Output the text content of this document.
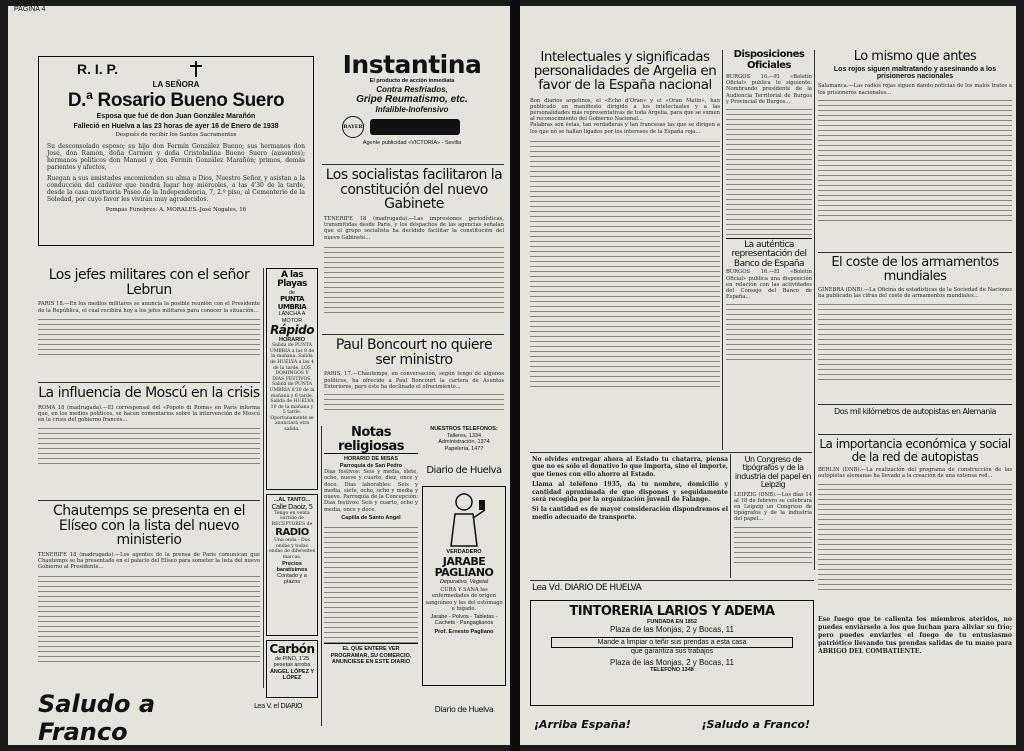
PAGINA 4
R. I. P.
LA SEÑORA
D.ª Rosario Bueno Suero
Esposa que fué de don Juan González Marañón
Falleció en Huelva a las 23 horas de ayer 16 de Enero de 1938
Después de recibir los Santos Sacramentos
Su desconsolado esposo; su hijo don Fermín González Bueno; sus hermanos don José, don Ramón, doña Carmen y doña Cristobalina Bueno Suero (ausentes); hermanos políticos don Manuel y don Fermín González Marañón; primos, demás parientes y afectos,
Ruegan a sus amistades encomienden su alma a Dios, Nuestro Señor, y asistan a la conducción del cadáver que tendrá lugar hoy miércoles, a las 4'30 de la tarde, desde la casa mortuoria Paseo de la Independencia, 7, 2.º piso, al Cementerio de la Soledad, por cuyo favor les vivirán muy agradecidos.
Pompas Fúnebres: A. MORALES.-José Nogales, 16
Instantina
El producto de acción inmediata
Contra Resfriados,
Gripe Reumatismo, etc.
Infalible-Inofensivo
BAYER
Agente publicidad «VICTORIA» - Sevilla
Los socialistas facilitaron la constitución del nuevo Gabinete
TENERIFE 18 (madrugada).—Las impresiones periodísticas, transmitidas desde París, y los despachos de las agencias señalan que el grupo socialista ha decidido facilitar la constitución del nuevo Gabinete...
Paul Boncourt no quiere ser ministro
PARIS, 17.—Chautemps, en conversación, según tengo de algunos políticos, ha ofrecido a Paul Boncourt la cartera de Asuntos Exteriores, pero éste ha declinado el ofrecimiento...
Los jefes militares con el señor Lebrun
PARIS 18.—En los medios militares se anuncia la posible reunión con el Presidente de la República, el cual recibirá hoy a los jefes militares para conocer la situación...
La influencia de Moscú en la crisis
ROMA 18 (madrugada).—El corresponsal del «Popolo di Roma» en París informa que, en los medios políticos, se hacen comentarios sobre la intervención de Moscú en la crisis del gobierno francés...
Chautemps se presenta en el Elíseo con la lista del nuevo ministerio
TENERIFE 18 (madrugada).—Los agentes de la prensa de Paris comunican que Chautemps se ha presentado en el palacio del Elíseo para someter la lista del nuevo Gobierno al Presidente...
Saludo a Franco
A las Playas
de
PUNTA UMBRIA
LANCHA A MOTOR
Rápido
HORARIO
Salida de PUNTA UMBRIA a las 8 de la mañana. Salida de HUELVA a las 4 de la tarde. LOS DOMINGOS Y DIAS FESTIVOS. Salida de PUNTA UMBRIA 8'30 de la mañana y 6 tarde. Salida de HUELVA 10 de la mañana y 5 tarde. Oportunamente se anunciará otra salida.
...AL TANTO...
Calle Daoiz, 5
Tengo en venta surtido de RECEPTORES de
RADIO
Una onda - Dos ondas y todas ondas de diferentes marcas.
Precios baratísimos
Contado y a plazos
Carbón
de PINO, 1'25 pesetas arroba
ÁNGEL LÓPEZ Y LÓPEZ
Lea V. el DIARIO
Notas religiosas
HORARIO DE MISAS
Parroquia de San Pedro
Días festivos: Seis y media, siete, ocho, nueve y cuarto, diez, once y doce. Días laborables: Seis y media, siete, ocho, ocho y media y nueve. Parroquia de la Concepción: Días festivos: Seis y cuarto, ocho y media, once y doce.
Capilla de Santo Angel
EL QUE ENTERE VER PROGRAMAR, SU COMERCIO, ANUNCIESE EN ESTE DIARIO
NUESTROS TELEFONOS:
Talleres, 1334
Administración, 1374
Papelería, 1477
Diario de Huelva
VERDADERO
JARABE
PAGLIANO
Depurativo, Vegetal
CURA Y SANA las enfermedades de origen sanguíneo y las del estómago e hígado.
Jarabe - Polvos - Tabletas - Cachets - Pangaglianos
Prof. Ernesto Pagliano
Diario de Huelva
Intelectuales y significadas personalidades de Argelia en favor de la España nacional
Bon diarios argelinos, el «Echo d'Oran» y el «Oran Matin», han publicado un manifiesto dirigido a los intelectuales y a las personalidades más representativas de toda Argelia, para que se sumen al reconocimiento del Gobierno Nacional...
Palabras son éstas, tan verdaderas y tan francesas las que se dirigen a los que no se hallan ligados por los intereses de la España roja...
Disposiciones Oficiales
BURGOS 16.—El «Boletín Oficial» publica lo siguiente: Nombrando presidente de la Audiencia Territorial de Burgos y Provincial de Burgos...
La auténtica representación del Banco de España
BURGOS 16.—El «Boletín Oficial» publica una disposición en relación con las actividades del Consejo del Banco de España...
Lo mismo que antes
Los rojos siguen maltratando y asesinando a los prisioneros nacionales
Salamanca.—Las radios rojas siguen dando noticias de los malos tratos a los prisioneros nacionales...
El coste de los armamentos mundiales
GINEBRA (DNB).—La Oficina de estadísticas de la Sociedad de Naciones ha publicado las cifras del coste de armamentos mundiales...
Dos mil kilómetros de autopistas en Alemania
La importancia económica y social de la red de autopistas
BERLIN (DNB).—La realización del programa de construcción de las autopistas alemanas ha llevado a la creación de una extensa red...
No olvides entregar ahora al Estado tu chatarra, piensa que no es sólo el donativo lo que importa, sino el importe, que tienes con ello ahorro al Estado.
Llama al teléfono 1935, da tu nombre, domicilio y cantidad aproximada de que dispones y seguidamente será recogida por la organización juvenil de Falange.
Si la cantidad es de mayor consideración dispondremos el medio adecuado de transporte.
Un Congreso de tipógrafos y de la industria del papel en Leipzig
LEIPZIG (DNB).—Los días 14 al 18 de febrero se celebrará en Leipzig un Congreso de tipógrafos y de la industria del papel...
Lea Vd. DIARIO DE HUELVA
TINTORERIA LARIOS Y ADEMA
FUNDADA EN 1852
Plaza de las Monjas, 2 y Bocas, 11
Mande a limpiar o teñir sus prendas a esta casa
que garantiza sus trabajos
Plaza de las Monjas, 2 y Bocas, 11
TELEFONO 1348
Ese fuego que te calienta los miembros ateridos, no puedes enviárselo a los que luchan para aliviar su frío; pero puedes enviarles el fuego de tu entusiasmo patriótico llevando tus prendas salidas de tu mano para ABRIGO DEL COMBATIENTE.
¡Arriba España!	¡Saludo a Franco!
